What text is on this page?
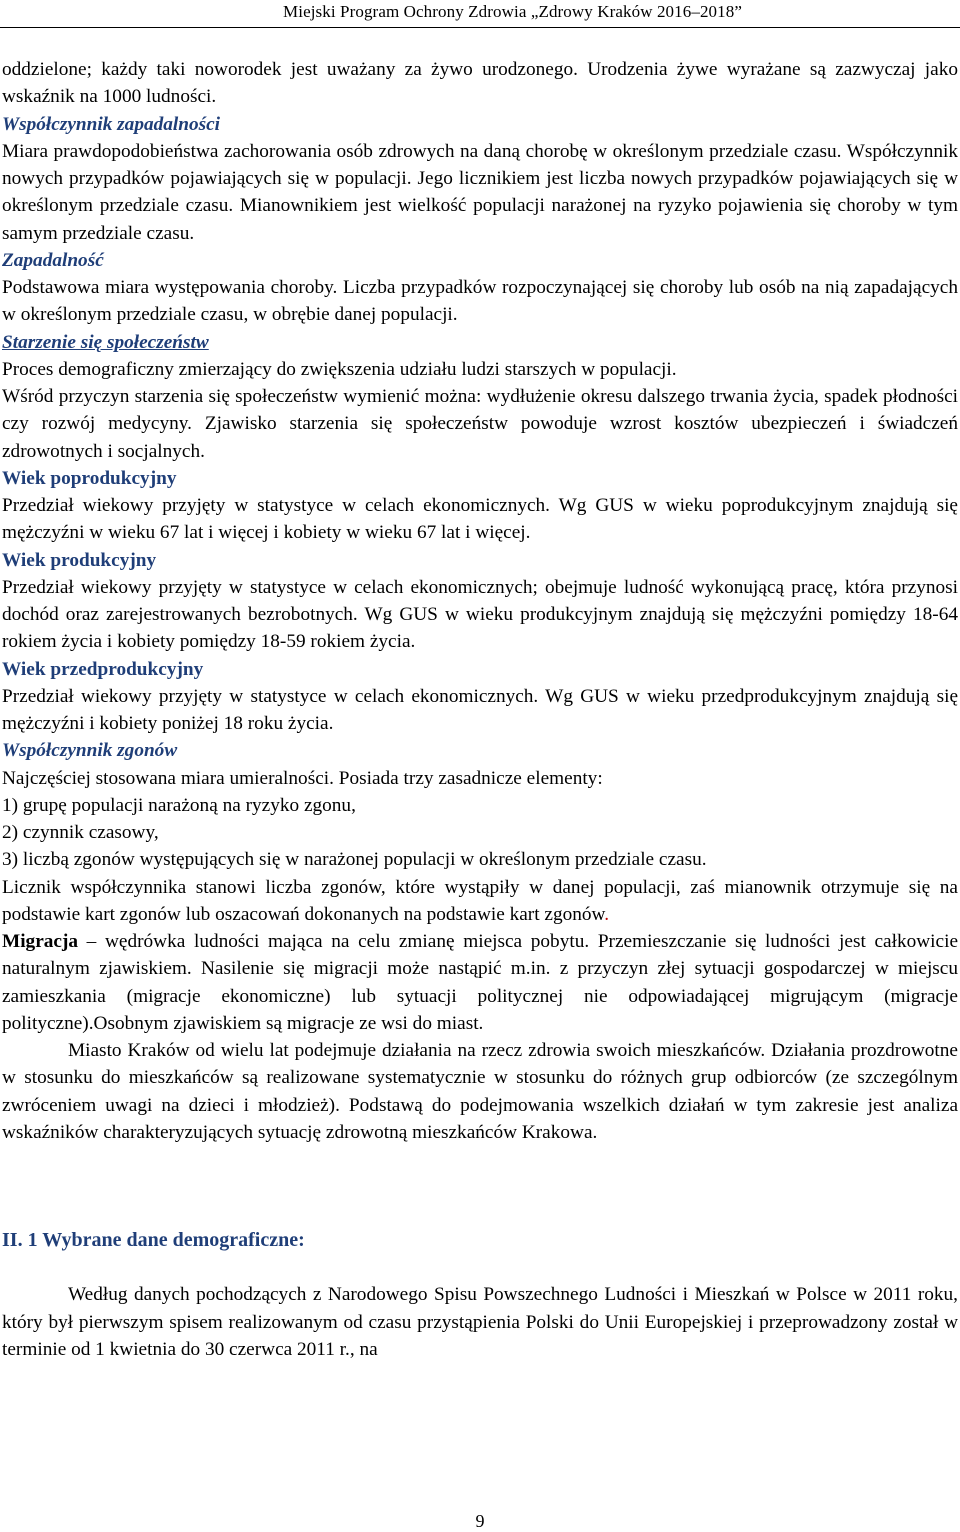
Miejski Program Ochrony Zdrowia „Zdrowy Kraków 2016–2018”

oddzielone; każdy taki noworodek jest uważany za żywo urodzonego. Urodzenia żywe wyrażane są zazwyczaj jako wskaźnik na 1000 ludności.

Współczynnik zapadalności

Miara prawdopodobieństwa zachorowania osób zdrowych na daną chorobę w określonym przedziale czasu. Współczynnik nowych przypadków pojawiających się w populacji. Jego licznikiem jest liczba nowych przypadków pojawiających się w określonym przedziale czasu. Mianownikiem jest wielkość populacji narażonej na ryzyko pojawienia się choroby w tym samym przedziale czasu.

Zapadalność

Podstawowa miara występowania choroby. Liczba przypadków rozpoczynającej się choroby lub osób na nią zapadających w określonym przedziale czasu, w obrębie danej populacji.

Starzenie się społeczeństw

Proces demograficzny zmierzający do zwiększenia udziału ludzi starszych w populacji.

Wśród przyczyn starzenia się społeczeństw wymienić można: wydłużenie okresu dalszego trwania życia, spadek płodności czy rozwój medycyny. Zjawisko starzenia się społeczeństw powoduje wzrost kosztów ubezpieczeń i świadczeń zdrowotnych i socjalnych.

Wiek poprodukcyjny

Przedział wiekowy przyjęty w statystyce w celach ekonomicznych. Wg GUS w wieku poprodukcyjnym znajdują się mężczyźni w wieku 67 lat i więcej i kobiety w wieku 67 lat i więcej.

Wiek produkcyjny

Przedział wiekowy przyjęty w statystyce w celach ekonomicznych; obejmuje ludność wykonującą pracę, która przynosi dochód oraz zarejestrowanych bezrobotnych. Wg GUS w wieku produkcyjnym znajdują się mężczyźni pomiędzy 18-64 rokiem życia i kobiety pomiędzy 18-59 rokiem życia.

Wiek przedprodukcyjny

Przedział wiekowy przyjęty w statystyce w celach ekonomicznych. Wg GUS w wieku przedprodukcyjnym znajdują się mężczyźni i kobiety poniżej 18 roku życia.

Współczynnik zgonów

Najczęściej stosowana miara umieralności. Posiada trzy zasadnicze elementy:

1) grupę populacji narażoną na ryzyko zgonu,

2) czynnik czasowy,

3) liczbą zgonów występujących się w narażonej populacji w określonym przedziale czasu.

Licznik współczynnika stanowi liczba zgonów, które wystąpiły w danej populacji, zaś mianownik otrzymuje się na podstawie kart zgonów lub oszacowań dokonanych na podstawie kart zgonów.

Migracja – wędrówka ludności mająca na celu zmianę miejsca pobytu. Przemieszczanie się ludności jest całkowicie naturalnym zjawiskiem. Nasilenie się migracji może nastąpić m.in. z przyczyn złej sytuacji gospodarczej w miejscu zamieszkania (migracje ekonomiczne) lub sytuacji politycznej nie odpowiadającej migrującym (migracje polityczne).Osobnym zjawiskiem są migracje ze wsi do miast.

Miasto Kraków od wielu lat podejmuje działania na rzecz zdrowia swoich mieszkańców. Działania prozdrowotne w stosunku do mieszkańców są realizowane systematycznie w stosunku do różnych grup odbiorców (ze szczególnym zwróceniem uwagi na dzieci i młodzież). Podstawą do podejmowania wszelkich działań w tym zakresie jest analiza wskaźników charakteryzujących sytuację zdrowotną mieszkańców Krakowa.

II. 1 Wybrane dane demograficzne:

Według danych pochodzących z Narodowego Spisu Powszechnego Ludności i Mieszkań w Polsce w 2011 roku, który był pierwszym spisem realizowanym od czasu przystąpienia Polski do Unii Europejskiej i przeprowadzony został w terminie od 1 kwietnia do 30 czerwca 2011 r., na

9
